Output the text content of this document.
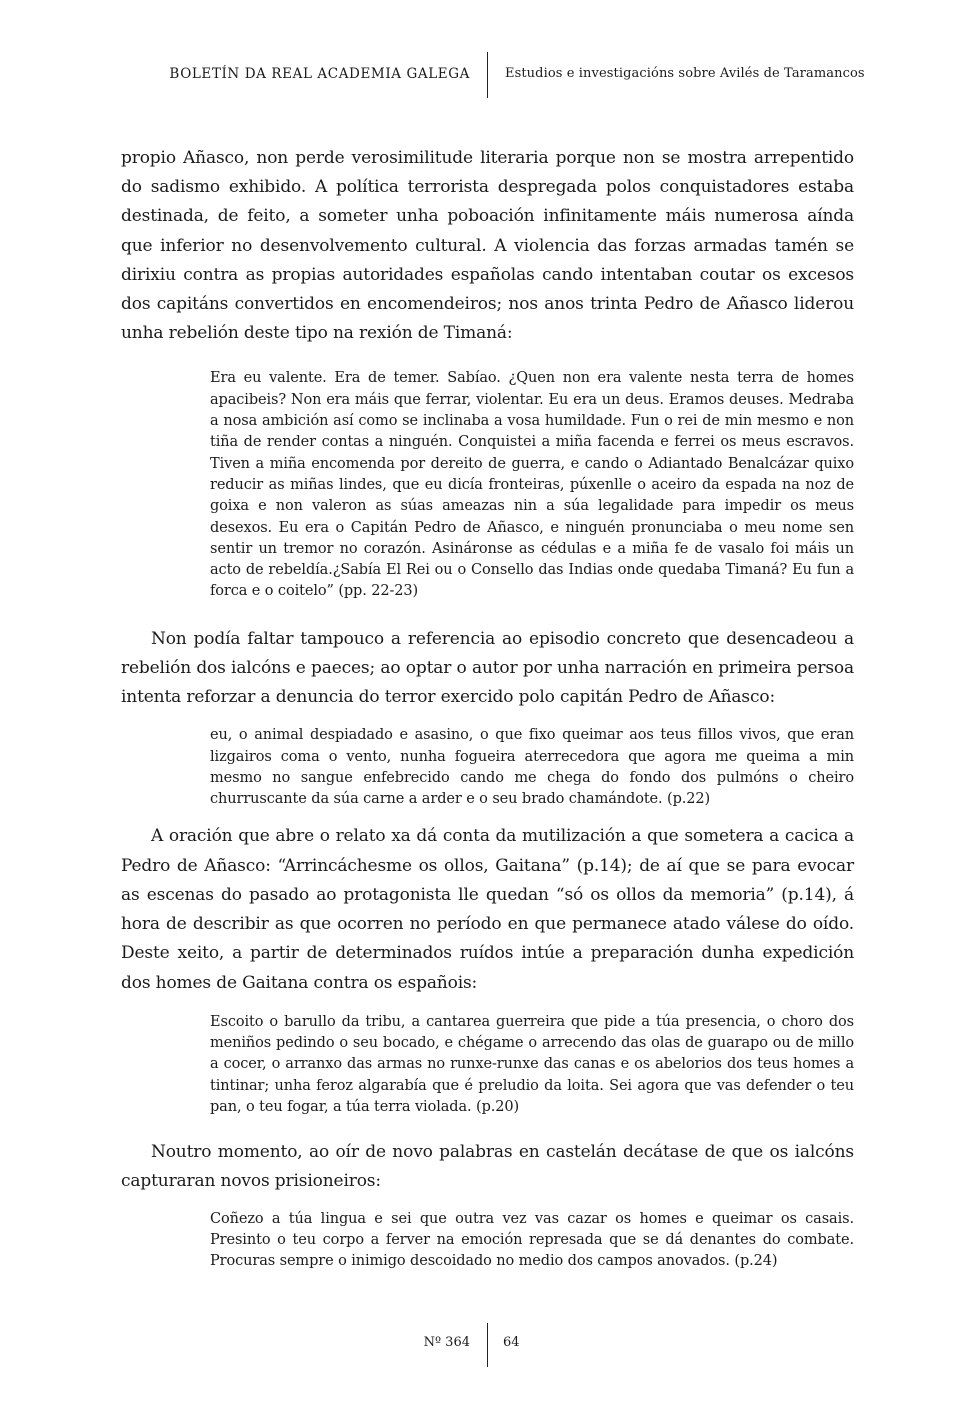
BOLETÍN DA REAL ACADEMIA GALEGA	Estudios e investigacións sobre Avilés de Taramancos

propio Añasco, non perde verosimilitude literaria porque non se mostra arrepentido do sadismo exhibido. A política terrorista despregada polos conquistadores estaba destinada, de feito, a someter unha poboación infinitamente máis numerosa aínda que inferior no desenvolvemento cultural. A violencia das forzas armadas tamén se dirixiu contra as propias autoridades españolas cando intentaban coutar os excesos dos capitáns convertidos en encomendeiros; nos anos trinta Pedro de Añasco liderou unha rebelión deste tipo na rexión de Timaná:

Era eu valente. Era de temer. Sabíao. ¿Quen non era valente nesta terra de homes apacibeis? Non era máis que ferrar, violentar. Eu era un deus. Eramos deuses. Medraba a nosa ambición así como se inclinaba a vosa humildade. Fun o rei de min mesmo e non tiña de render contas a ninguén. Conquistei a miña facenda e ferrei os meus escravos. Tiven a miña encomenda por dereito de guerra, e cando o Adiantado Benalcázar quixo reducir as miñas lindes, que eu dicía fronteiras, púxenlle o aceiro da espada na noz de goixa e non valeron as súas ameazas nin a súa legalidade para impedir os meus desexos. Eu era o Capitán Pedro de Añasco, e ninguén pronunciaba o meu nome sen sentir un tremor no corazón. Asináronse as cédulas e a miña fe de vasalo foi máis un acto de rebeldía.¿Sabía El Rei ou o Consello das Indias onde quedaba Timaná? Eu fun a forca e o coitelo” (pp. 22-23)

Non podía faltar tampouco a referencia ao episodio concreto que desencadeou a rebelión dos ialcóns e paeces; ao optar o autor por unha narración en primeira persoa intenta reforzar a denuncia do terror exercido polo capitán Pedro de Añasco:

eu, o animal despiadado e asasino, o que fixo queimar aos teus fillos vivos, que eran lizgairos coma o vento, nunha fogueira aterrecedora que agora me queima a min mesmo no sangue enfebrecido cando me chega do fondo dos pulmóns o cheiro churruscante da súa carne a arder e o seu brado chamándote. (p.22)

A oración que abre o relato xa dá conta da mutilización a que sometera a cacica a Pedro de Añasco: “Arrincáchesme os ollos, Gaitana” (p.14); de aí que se para evocar as escenas do pasado ao protagonista lle quedan “só os ollos da memoria” (p.14), á hora de describir as que ocorren no período en que permanece atado válese do oído. Deste xeito, a partir de determinados ruídos intúe a preparación dunha expedición dos homes de Gaitana contra os españois:

Escoito o barullo da tribu, a cantarea guerreira que pide a túa presencia, o choro dos meniños pedindo o seu bocado, e chégame o arrecendo das olas de guarapo ou de millo a cocer, o arranxo das armas no runxe-runxe das canas e os abelorios dos teus homes a tintinar; unha feroz algarabía que é preludio da loita. Sei agora que vas defender o teu pan, o teu fogar, a túa terra violada. (p.20)

Noutro momento, ao oír de novo palabras en castelán decátase de que os ialcóns capturaran novos prisioneiros:

Coñezo a túa lingua e sei que outra vez vas cazar os homes e queimar os casais. Presinto o teu corpo a ferver na emoción represada que se dá denantes do combate. Procuras sempre o inimigo descoidado no medio dos campos anovados. (p.24)
Nº 364	64
